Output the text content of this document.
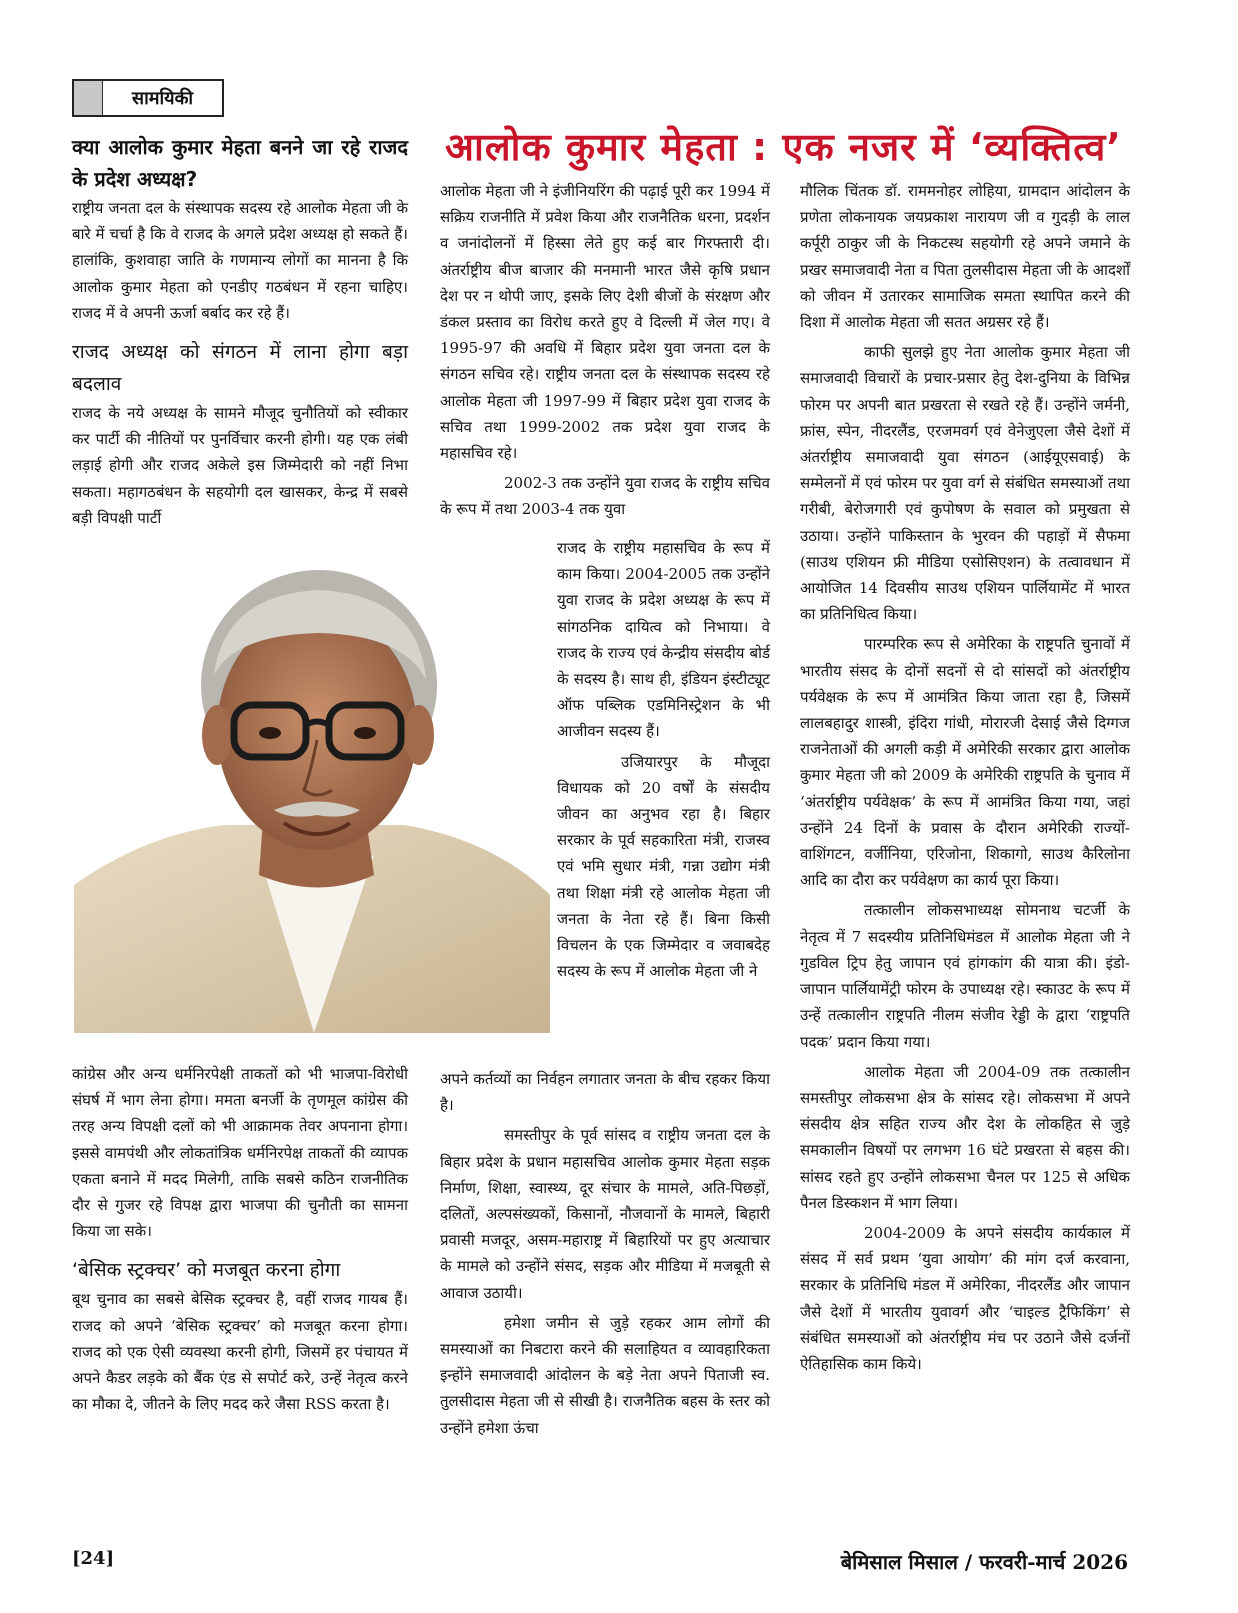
सामयिकी
आलोक कुमार मेहता : एक नजर में ‘व्यक्तित्व’

क्या आलोक कुमार मेहता बनने जा रहे राजद के प्रदेश अध्यक्ष?

राष्ट्रीय जनता दल के संस्थापक सदस्य रहे आलोक मेहता जी के बारे में चर्चा है कि वे राजद के अगले प्रदेश अध्यक्ष हो सकते हैं। हालांकि, कुशवाहा जाति के गणमान्य लोगों का मानना है कि आलोक कुमार मेहता को एनडीए गठबंधन में रहना चाहिए। राजद में वे अपनी ऊर्जा बर्बाद कर रहे हैं।

राजद अध्यक्ष को संगठन में लाना होगा बड़ा बदलाव

राजद के नये अध्यक्ष के सामने मौजूद चुनौतियों को स्वीकार कर पार्टी की नीतियों पर पुनर्विचार करनी होगी। यह एक लंबी लड़ाई होगी और राजद अकेले इस जिम्मेदारी को नहीं निभा सकता। महागठबंधन के सहयोगी दल खासकर, केन्द्र में सबसे बड़ी विपक्षी पार्टी

कांग्रेस और अन्य धर्मनिरपेक्षी ताकतों को भी भाजपा-विरोधी संघर्ष में भाग लेना होगा। ममता बनर्जी के तृणमूल कांग्रेस की तरह अन्य विपक्षी दलों को भी आक्रामक तेवर अपनाना होगा। इससे वामपंथी और लोकतांत्रिक धर्मनिरपेक्ष ताकतों की व्यापक एकता बनाने में मदद मिलेगी, ताकि सबसे कठिन राजनीतिक दौर से गुजर रहे विपक्ष द्वारा भाजपा की चुनौती का सामना किया जा सके।

‘बेसिक स्ट्रक्चर’ को मजबूत करना होगा

बूथ चुनाव का सबसे बेसिक स्ट्रक्चर है, वहीं राजद गायब हैं। राजद को अपने ‘बेसिक स्ट्रक्चर’ को मजबूत करना होगा। राजद को एक ऐसी व्यवस्था करनी होगी, जिसमें हर पंचायत में अपने कैडर लड़के को बैंक एंड से सपोर्ट करे, उन्हें नेतृत्व करने का मौका दे, जीतने के लिए मदद करे जैसा RSS करता है।

आलोक मेहता जी ने इंजीनियरिंग की पढ़ाई पूरी कर 1994 में सक्रिय राजनीति में प्रवेश किया और राजनैतिक धरना, प्रदर्शन व जनांदोलनों में हिस्सा लेते हुए कई बार गिरफ्तारी दी। अंतर्राष्ट्रीय बीज बाजार की मनमानी भारत जैसे कृषि प्रधान देश पर न थोपी जाए, इसके लिए देशी बीजों के संरक्षण और डंकल प्रस्ताव का विरोध करते हुए वे दिल्ली में जेल गए। वे 1995-97 की अवधि में बिहार प्रदेश युवा जनता दल के संगठन सचिव रहे। राष्ट्रीय जनता दल के संस्थापक सदस्य रहे आलोक मेहता जी 1997-99 में बिहार प्रदेश युवा राजद के सचिव तथा 1999-2002 तक प्रदेश युवा राजद के महासचिव रहे।

2002-3 तक उन्होंने युवा राजद के राष्ट्रीय सचिव के रूप में तथा 2003-4 तक युवा

राजद के राष्ट्रीय महासचिव के रूप में काम किया। 2004-2005 तक उन्होंने युवा राजद के प्रदेश अध्यक्ष के रूप में सांगठनिक दायित्व को निभाया। वे राजद के राज्य एवं केन्द्रीय संसदीय बोर्ड के सदस्य है। साथ ही, इंडियन इंस्टीट्यूट ऑफ पब्लिक एडमिनिस्ट्रेशन के भी आजीवन सदस्य हैं।

उजियारपुर के मौजूदा विधायक को 20 वर्षों के संसदीय जीवन का अनुभव रहा है। बिहार सरकार के पूर्व सहकारिता मंत्री, राजस्व एवं भमि सुधार मंत्री, गन्ना उद्योग मंत्री तथा शिक्षा मंत्री रहे आलोक मेहता जी जनता के नेता रहे हैं। बिना किसी विचलन के एक जिम्मेदार व जवाबदेह सदस्य के रूप में आलोक मेहता जी ने

अपने कर्तव्यों का निर्वहन लगातार जनता के बीच रहकर किया है।

समस्तीपुर के पूर्व सांसद व राष्ट्रीय जनता दल के बिहार प्रदेश के प्रधान महासचिव आलोक कुमार मेहता सड़क निर्माण, शिक्षा, स्वास्थ्य, दूर संचार के मामले, अति-पिछड़ों, दलितों, अल्पसंख्यकों, किसानों, नौजवानों के मामले, बिहारी प्रवासी मजदूर, असम-महाराष्ट्र में बिहारियों पर हुए अत्याचार के मामले को उन्होंने संसद, सड़क और मीडिया में मजबूती से आवाज उठायी।

हमेशा जमीन से जुड़े रहकर आम लोगों की समस्याओं का निबटारा करने की सलाहियत व व्यावहारिकता इन्होंने समाजवादी आंदोलन के बड़े नेता अपने पिताजी स्व. तुलसीदास मेहता जी से सीखी है। राजनैतिक बहस के स्तर को उन्होंने हमेशा ऊंचा

मौलिक चिंतक डॉ. राममनोहर लोहिया, ग्रामदान आंदोलन के प्रणेता लोकनायक जयप्रकाश नारायण जी व गुदड़ी के लाल कर्पूरी ठाकुर जी के निकटस्थ सहयोगी रहे अपने जमाने के प्रखर समाजवादी नेता व पिता तुलसीदास मेहता जी के आदर्शों को जीवन में उतारकर सामाजिक समता स्थापित करने की दिशा में आलोक मेहता जी सतत अग्रसर रहे हैं।

काफी सुलझे हुए नेता आलोक कुमार मेहता जी समाजवादी विचारों के प्रचार-प्रसार हेतु देश-दुनिया के विभिन्न फोरम पर अपनी बात प्रखरता से रखते रहे हैं। उन्होंने जर्मनी, फ्रांस, स्पेन, नीदरलैंड, एरजमवर्ग एवं वेनेजुएला जैसे देशों में अंतर्राष्ट्रीय समाजवादी युवा संगठन (आईयूएसवाई) के सम्मेलनों में एवं फोरम पर युवा वर्ग से संबंधित समस्याओं तथा गरीबी, बेरोजगारी एवं कुपोषण के सवाल को प्रमुखता से उठाया। उन्होंने पाकिस्तान के भुरवन की पहाड़ों में सैफमा (साउथ एशियन फ्री मीडिया एसोसिएशन) के तत्वावधान में आयोजित 14 दिवसीय साउथ एशियन पार्लियामेंट में भारत का प्रतिनिधित्व किया।

पारम्परिक रूप से अमेरिका के राष्ट्रपति चुनावों में भारतीय संसद के दोनों सदनों से दो सांसदों को अंतर्राष्ट्रीय पर्यवेक्षक के रूप में आमंत्रित किया जाता रहा है, जिसमें लालबहादुर शास्त्री, इंदिरा गांधी, मोरारजी देसाई जैसे दिग्गज राजनेताओं की अगली कड़ी में अमेरिकी सरकार द्वारा आलोक कुमार मेहता जी को 2009 के अमेरिकी राष्ट्रपति के चुनाव में ‘अंतर्राष्ट्रीय पर्यवेक्षक’ के रूप में आमंत्रित किया गया, जहां उन्होंने 24 दिनों के प्रवास के दौरान अमेरिकी राज्यों- वाशिंगटन, वर्जीनिया, एरिजोना, शिकागो, साउथ कैरिलोना आदि का दौरा कर पर्यवेक्षण का कार्य पूरा किया।

तत्कालीन लोकसभाध्यक्ष सोमनाथ चटर्जी के नेतृत्व में 7 सदस्यीय प्रतिनिधिमंडल में आलोक मेहता जी ने गुडविल ट्रिप हेतु जापान एवं हांगकांग की यात्रा की। इंडो-जापान पार्लियामेंट्री फोरम के उपाध्यक्ष रहे। स्काउट के रूप में उन्हें तत्कालीन राष्ट्रपति नीलम संजीव रेड्डी के द्वारा ‘राष्ट्रपति पदक’ प्रदान किया गया।

आलोक मेहता जी 2004-09 तक तत्कालीन समस्तीपुर लोकसभा क्षेत्र के सांसद रहे। लोकसभा में अपने संसदीय क्षेत्र सहित राज्य और देश के लोकहित से जुड़े समकालीन विषयों पर लगभग 16 घंटे प्रखरता से बहस की। सांसद रहते हुए उन्होंने लोकसभा चैनल पर 125 से अधिक पैनल डिस्कशन में भाग लिया।

2004-2009 के अपने संसदीय कार्यकाल में संसद में सर्व प्रथम ‘युवा आयोग’ की मांग दर्ज करवाना, सरकार के प्रतिनिधि मंडल में अमेरिका, नीदरलैंड और जापान जैसे देशों में भारतीय युवावर्ग और ‘चाइल्ड ट्रैफिकिंग’ से संबंधित समस्याओं को अंतर्राष्ट्रीय मंच पर उठाने जैसे दर्जनों ऐतिहासिक काम किये।

[24]	बेमिसाल मिसाल / फरवरी-मार्च 2026
